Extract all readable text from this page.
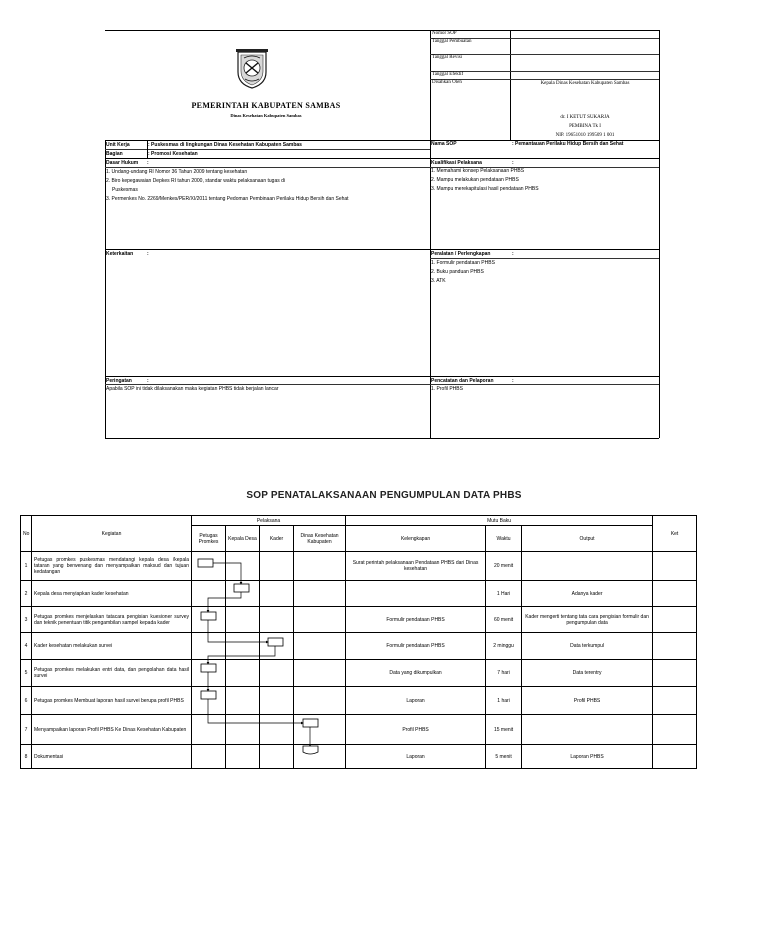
Nomor SOP
Tanggal Pembuatan
Tanggal Revisi
Tanggal Efektif
Disahkan Oleh	Kepala Dinas Kesehatan Kabupaten Sambas
dr. I KETUT SUKARJA
PEMBINA Tk I
NIP. 19651010 199509 1 001
PEMERINTAH KABUPATEN SAMBAS
Dinas Kesehatan Kabupaten Sambas
Unit Kerja	: Puskesmas di lingkungan Dinas Kesehatan Kabupaten Sambas
Bagian	: Promosi Kesehatan
Nama SOP	: Pemantauan Perilaku Hidup Bersih dan Sehat
Dasar Hukum :	Kualifikasi Pelaksana	:
1. Undang-undang RI Nomor 36 Tahun 2009 tentang kesehatan
2. Biro kepegawaian Depkes RI tahun 2000, standar waktu pelaksanaan tugas di
Puskesmas
3. Permenkes No. 2269/Menkes/PER/XI/2011 tentang Pedoman Pembinaan Perilaku Hidup Bersih dan Sehat
1. Memahami konsep Pelaksanaan PHBS
2. Mampu melakukan pendataan PHBS
3. Mampu merekapitulasi hasil pendataan PHBS
Keterkaitan	:	Peralatan / Perlengkapan	:
1. Formulir pendataan PHBS
2. Buku panduan PHBS
3. ATK
Peringatan	:	Pencatatan dan Pelaporan	:
Apabila SOP ini tidak dilaksanakan maka kegiatan PHBS tidak berjalan lancar	1. Profil PHBS
SOP PENATALAKSANAAN PENGUMPULAN DATA PHBS
No	Kegiatan	Pelaksana				Mutu Baku			Ket
		Petugas Promkes	Kepala Desa	Kader	Dinas Kesehatan Kabupaten	Kelengkapan	Waktu	Output	
1	Petugas promkes puskesmas mendatangi kepala desa /kepala tataran yang berwenang dan menyampaikan maksud dan tujuan kedatangan					Surat perintah pelaksanaan Pendataan PHBS dari Dinas kesehatan	20 menit		
2	Kepala desa menyiapkan kader kesehatan						1 Hari	Adanya kader	
3	Petugas promkes menjelaskan tatacara pengisian kuesioner survey dan teknik penentuan titik pengambilan sampel kepada kader					Formulir pendataan PHBS	60 menit	Kader mengerti tentang tata cara pengisian formulir dan pengumpulan data	
4	Kader kesehatan melakukan survei					Formulir pendataan PHBS	2 minggu	Data terkumpul	
5	Petugas promkes melakukan entri data, dan pengolahan data hasil survei					Data yang dikumpulkan	7 hari	Data terentry	
6	Petugas promkes Membuat laporan hasil survei berupa profil PHBS					Laporan	1 hari	Profil PHBS	
7	Menyampaikan laporan Profil PHBS Ke Dinas Kesehatan Kabupaten					Profil PHBS	15 menit		
8	Dokumentasi					Laporan	5 menit	Laporan PHBS	
